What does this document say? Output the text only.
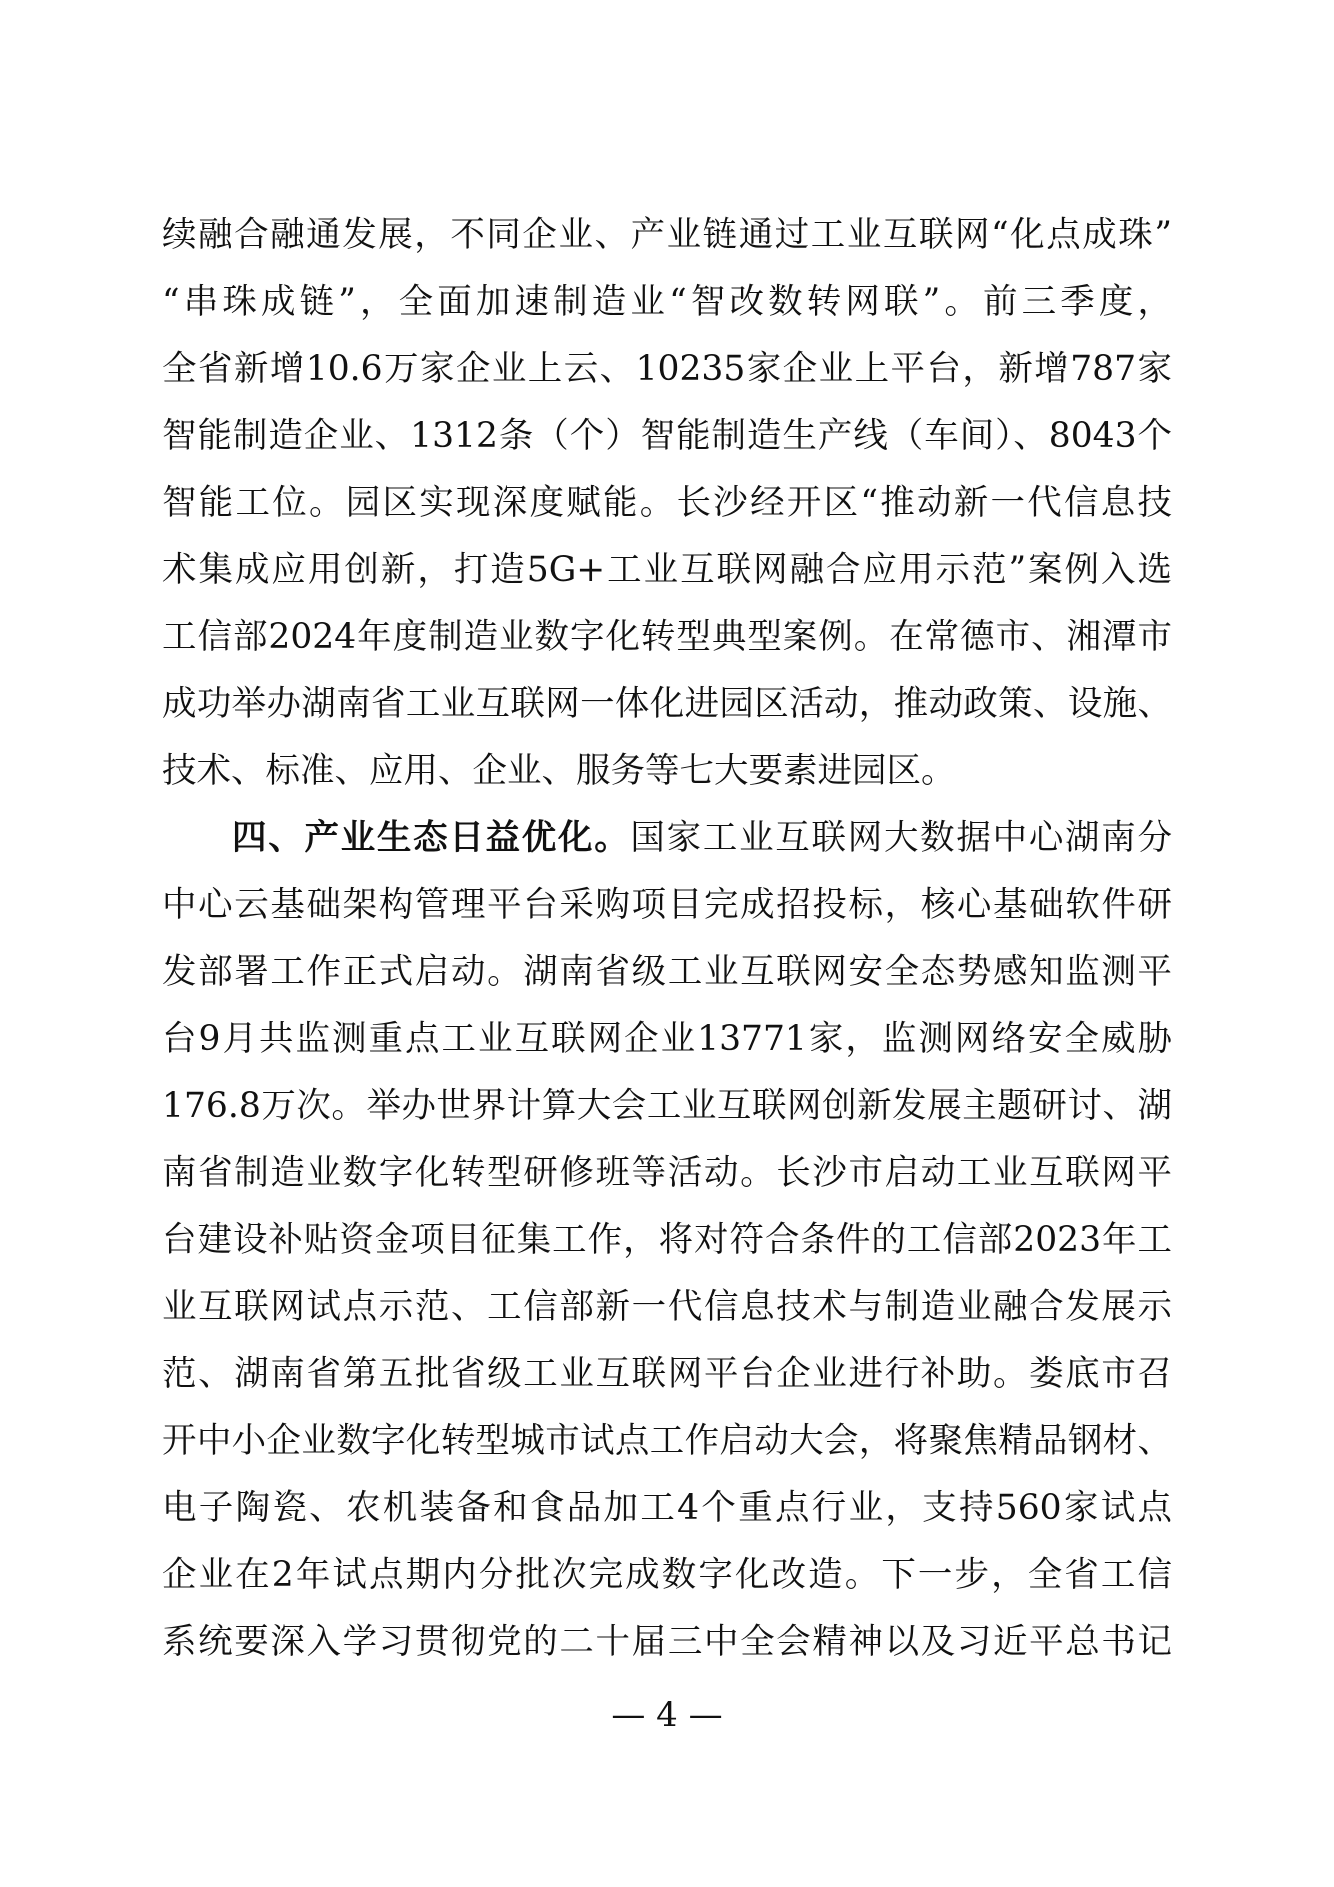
续融合融通发展，不同企业、产业链通过工业互联网“化点成珠”
“串珠成链”，全面加速制造业“智改数转网联”。前三季度，
全省新增10.6万家企业上云、10235家企业上平台，新增787家
智能制造企业、1312条（个）智能制造生产线（车间）、8043个
智能工位。园区实现深度赋能。长沙经开区“推动新一代信息技
术集成应用创新，打造5G+工业互联网融合应用示范”案例入选
工信部2024年度制造业数字化转型典型案例。在常德市、湘潭市
成功举办湖南省工业互联网一体化进园区活动，推动政策、设施、
技术、标准、应用、企业、服务等七大要素进园区。
四、产业生态日益优化。国家工业互联网大数据中心湖南分
中心云基础架构管理平台采购项目完成招投标，核心基础软件研
发部署工作正式启动。湖南省级工业互联网安全态势感知监测平
台9月共监测重点工业互联网企业13771家，监测网络安全威胁
176.8万次。举办世界计算大会工业互联网创新发展主题研讨、湖
南省制造业数字化转型研修班等活动。长沙市启动工业互联网平
台建设补贴资金项目征集工作，将对符合条件的工信部2023年工
业互联网试点示范、工信部新一代信息技术与制造业融合发展示
范、湖南省第五批省级工业互联网平台企业进行补助。娄底市召
开中小企业数字化转型城市试点工作启动大会，将聚焦精品钢材、
电子陶瓷、农机装备和食品加工4个重点行业，支持560家试点
企业在2年试点期内分批次完成数字化改造。下一步，全省工信
系统要深入学习贯彻党的二十届三中全会精神以及习近平总书记
— 4 —
